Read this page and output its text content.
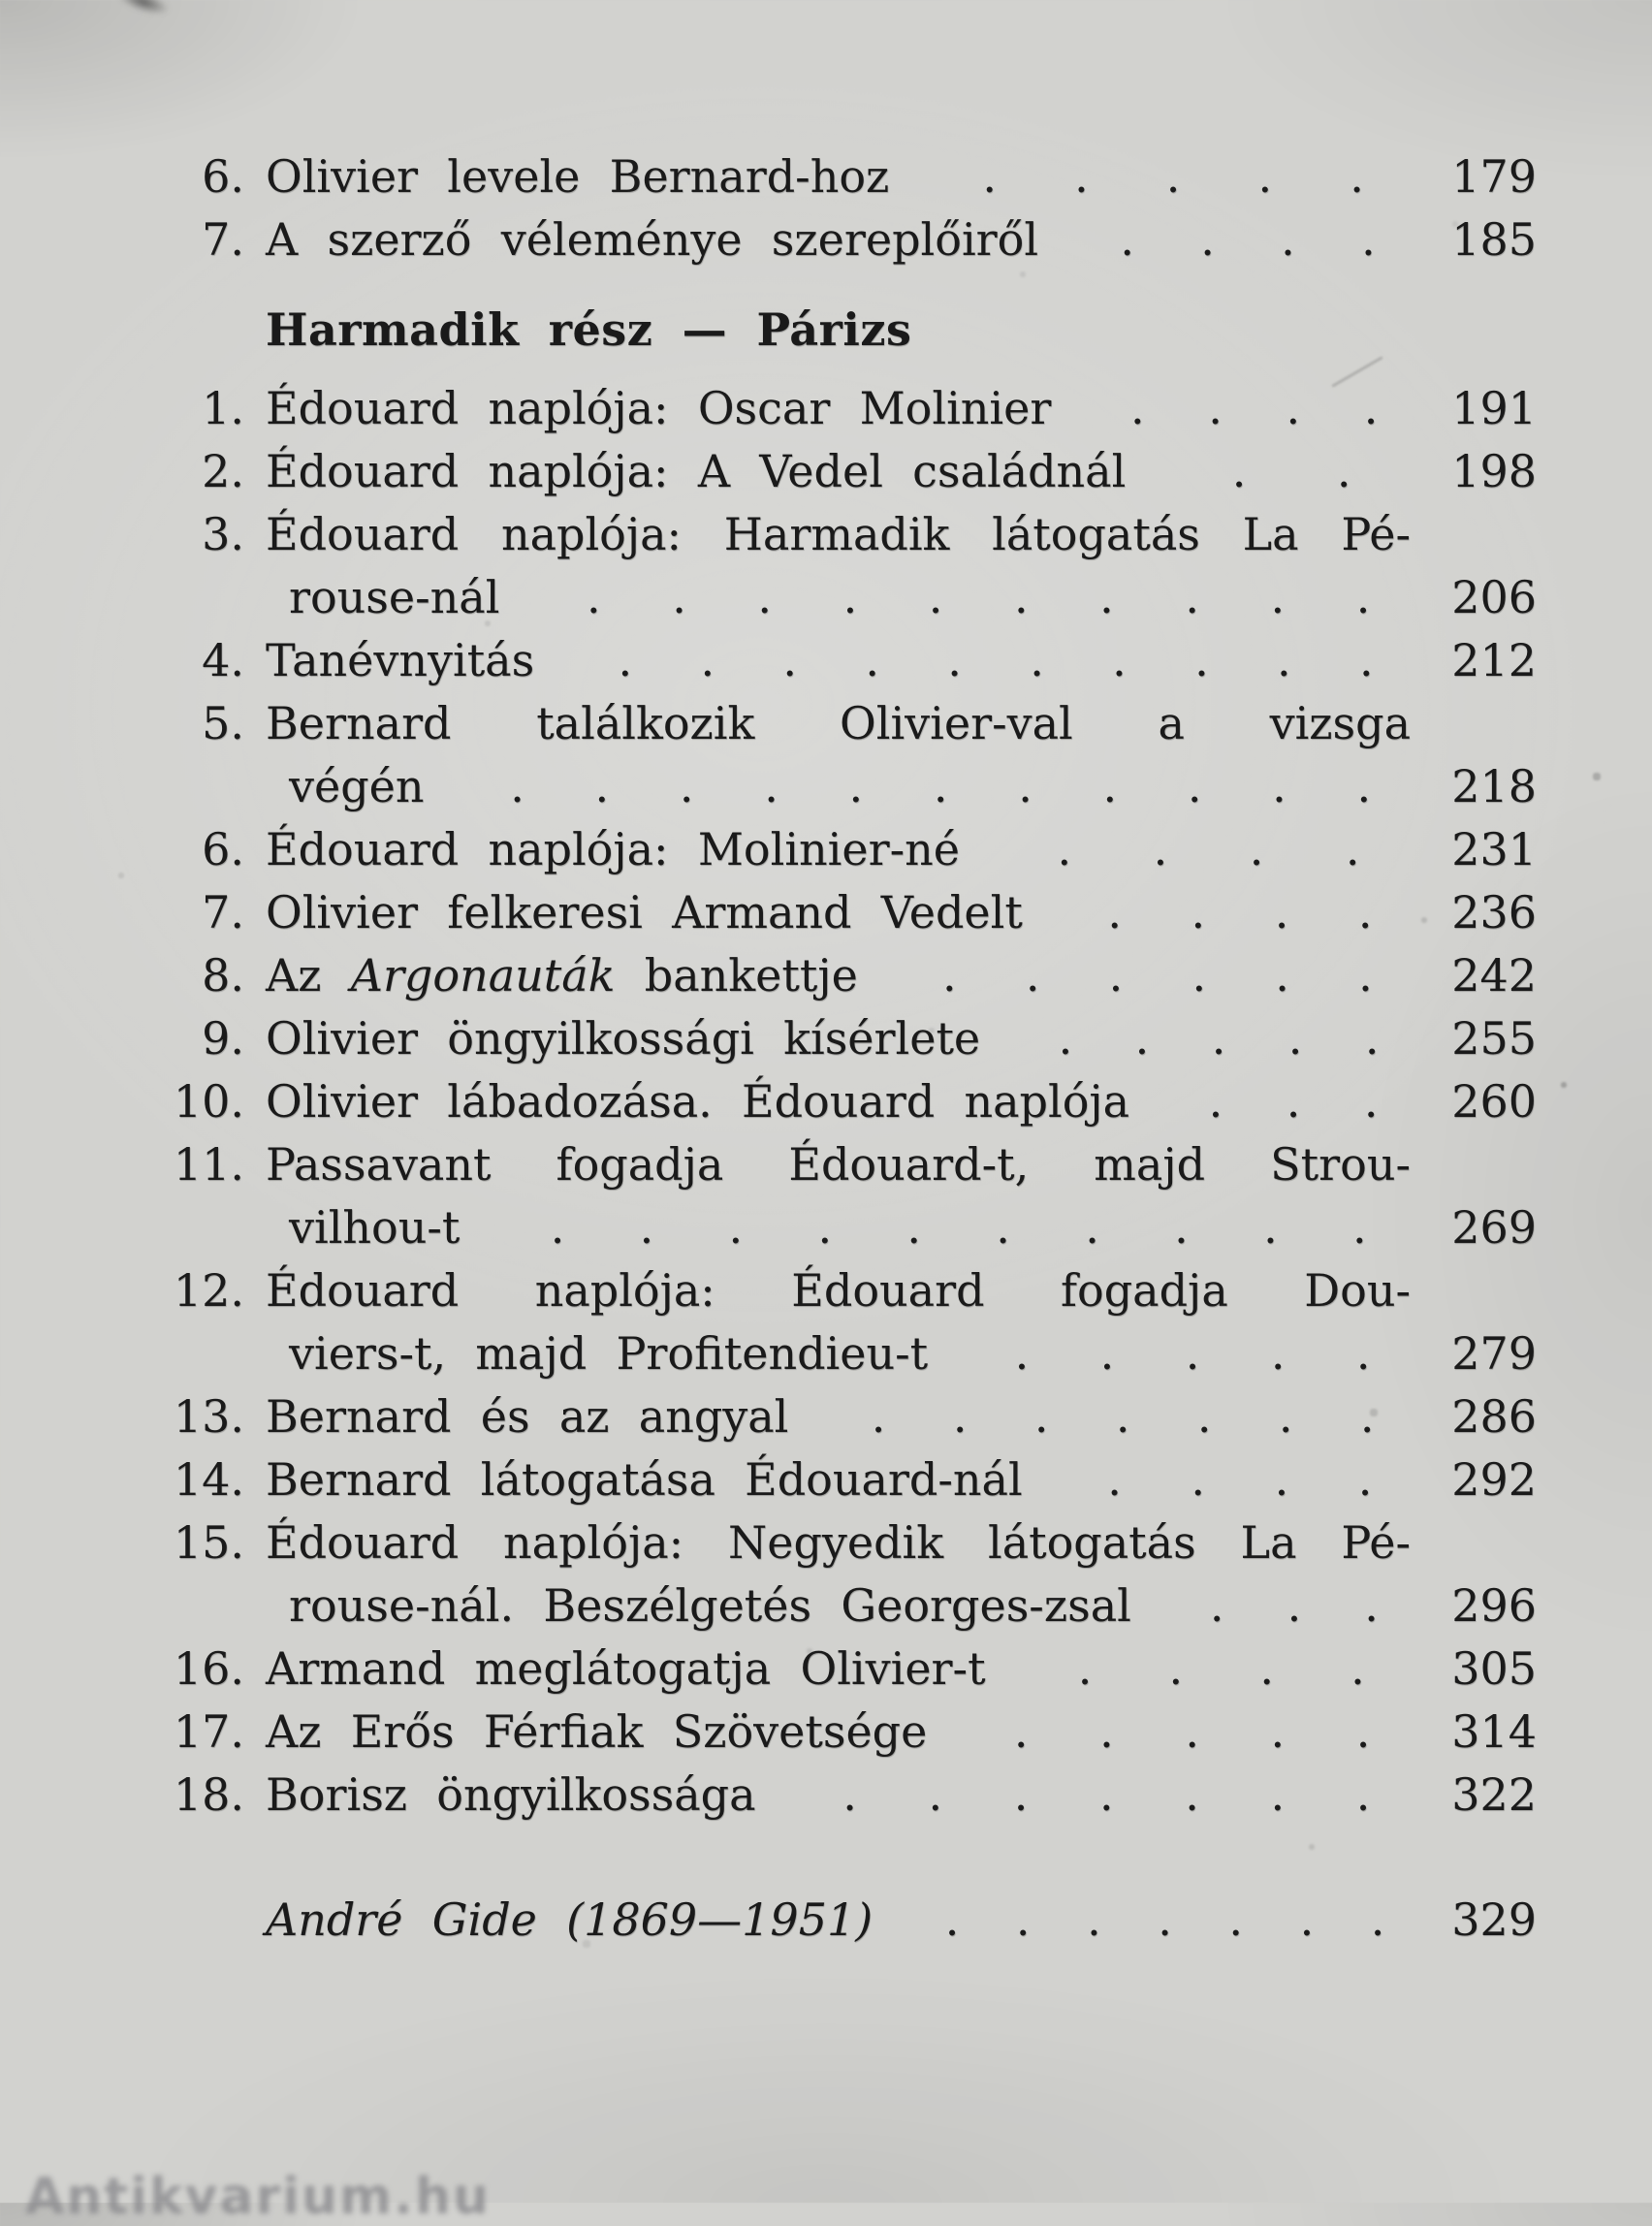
6. Olivier levele Bernard-hoz . . . . . 179
7. A szerző véleménye szereplőiről . . . . 185
Harmadik rész — Párizs
1. Édouard naplója: Oscar Molinier . . . . 191
2. Édouard naplója: A Vedel családnál . . 198
3. Édouard naplója: Harmadik látogatás La Pé-
rouse-nál . . . . . . . . . . 206
4. Tanévnyitás . . . . . . . . . . 212
5. Bernard találkozik Olivier-val a vizsga
végén . . . . . . . . . . . 218
6. Édouard naplója: Molinier-né . . . . 231
7. Olivier felkeresi Armand Vedelt . . . . 236
8. Az Argonauták bankettje . . . . . . 242
9. Olivier öngyilkossági kísérlete . . . . . 255
10. Olivier lábadozása. Édouard naplója . . . 260
11. Passavant fogadja Édouard-t, majd Strou-
vilhou-t . . . . . . . . . . 269
12. Édouard naplója: Édouard fogadja Dou-
viers-t, majd Profitendieu-t . . . . . 279
13. Bernard és az angyal . . . . . . . 286
14. Bernard látogatása Édouard-nál . . . . 292
15. Édouard naplója: Negyedik látogatás La Pé-
rouse-nál. Beszélgetés Georges-zsal . . . 296
16. Armand meglátogatja Olivier-t . . . . 305
17. Az Erős Férfiak Szövetsége . . . . . 314
18. Borisz öngyilkossága . . . . . . . 322
André Gide (1869—1951) . . . . . . . 329
Antikvarium.hu
